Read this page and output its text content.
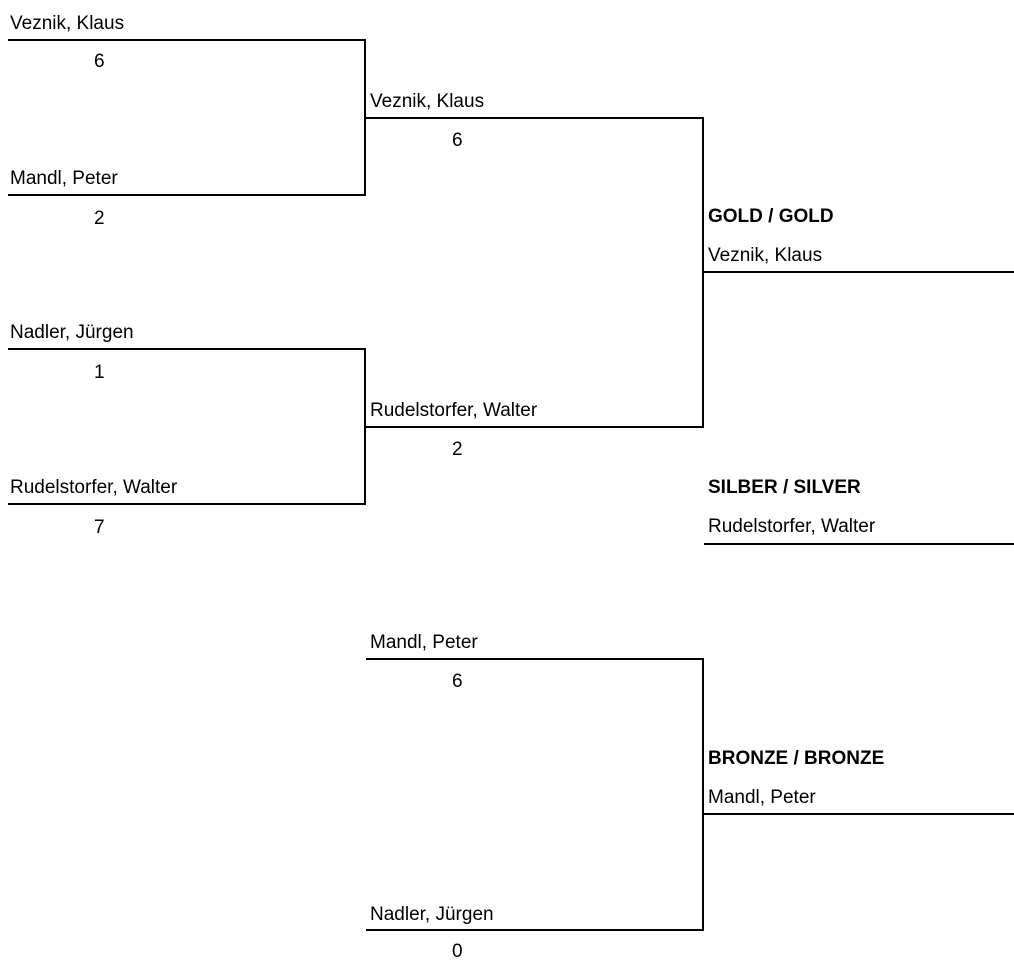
Veznik, Klaus
6
Mandl, Peter
2
Nadler, Jürgen
1
Rudelstorfer, Walter
7
Veznik, Klaus
6
Rudelstorfer, Walter
2
GOLD / GOLD
Veznik, Klaus
SILBER / SILVER
Rudelstorfer, Walter
Mandl, Peter
6
Nadler, Jürgen
0
BRONZE / BRONZE
Mandl, Peter
